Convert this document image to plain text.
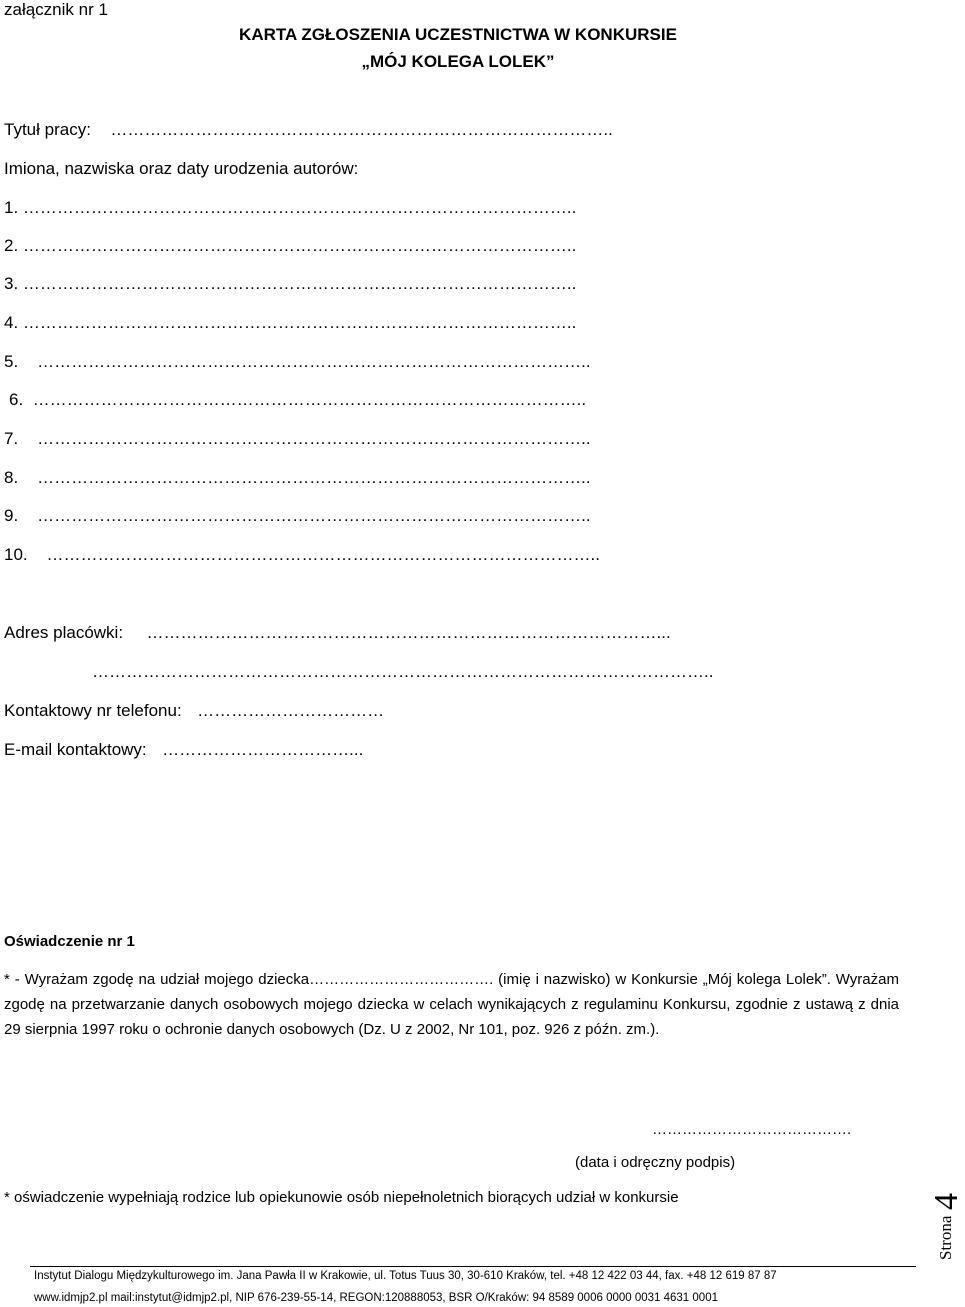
załącznik nr 1
KARTA ZGŁOSZENIA UCZESTNICTWA W KONKURSIE
„MÓJ KOLEGA LOLEK”
Tytuł pracy: ……………………………………………………………………………..
Imiona, nazwiska oraz daty urodzenia autorów:
1. ……………………………………………………………………………………..
2. ……………………………………………………………………………………..
3. ……………………………………………………………………………………..
4. ……………………………………………………………………………………..
5. ……………………………………………………………………………………..
6. ……………………………………………………………………………………..
7. ……………………………………………………………………………………..
8. ……………………………………………………………………………………..
9. ……………………………………………………………………………………..
10. ……………………………………………………………………………………..
Adres placówki: ………………………………………………………………………………...
………………………………………………………………………………………………..
Kontaktowy nr telefonu: ……………………………
E-mail kontaktowy: ……………………………...
Oświadczenie nr 1
* - Wyrażam zgodę na udział mojego dziecka………………………………. (imię i nazwisko) w Konkursie „Mój kolega Lolek”. Wyrażam zgodę na przetwarzanie danych osobowych mojego dziecka w celach wynikających z regulaminu Konkursu, zgodnie z ustawą z dnia 29 sierpnia 1997 roku o ochronie danych osobowych (Dz. U z 2002, Nr 101, poz. 926 z późn. zm.).
………………………………….
(data i odręczny podpis)
* oświadczenie wypełniają rodzice lub opiekunowie osób niepełnoletnich biorących udział w konkursie
Strona
4
Instytut Dialogu Międzykulturowego im. Jana Pawła II w Krakowie, ul. Totus Tuus 30, 30-610 Kraków, tel. +48 12 422 03 44, fax. +48 12 619 87 87
www.idmjp2.pl mail:instytut@idmjp2.pl, NIP 676-239-55-14, REGON:120888053, BSR O/Kraków: 94 8589 0006 0000 0031 4631 0001
